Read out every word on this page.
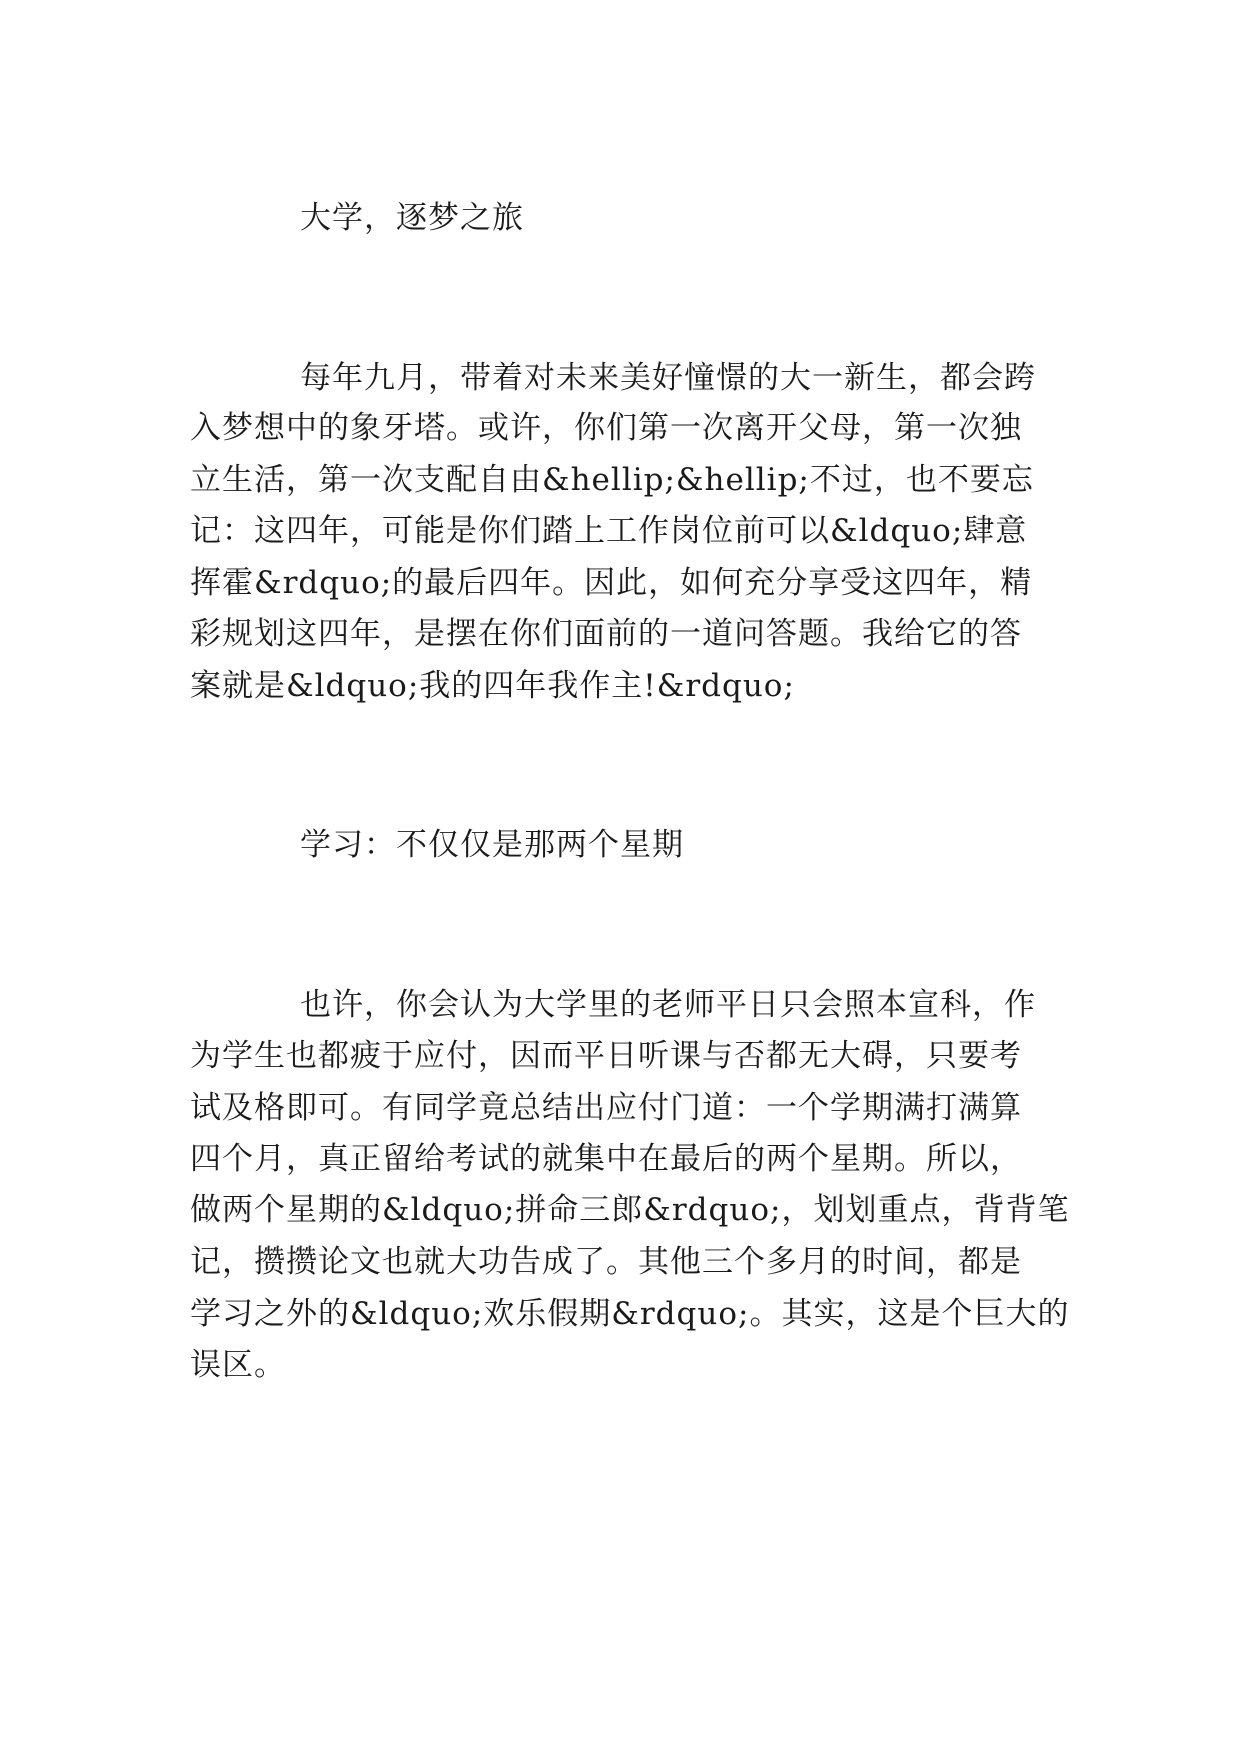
大学，逐梦之旅

每年九月，带着对未来美好憧憬的大一新生，都会跨

入梦想中的象牙塔。或许，你们第一次离开父母，第一次独

立生活，第一次支配自由&hellip;&hellip;不过，也不要忘

记：这四年，可能是你们踏上工作岗位前可以&ldquo;肆意

挥霍&rdquo;的最后四年。因此，如何充分享受这四年，精

彩规划这四年，是摆在你们面前的一道问答题。我给它的答

案就是&ldquo;我的四年我作主!&rdquo;

学习：不仅仅是那两个星期

也许，你会认为大学里的老师平日只会照本宣科，作

为学生也都疲于应付，因而平日听课与否都无大碍，只要考

试及格即可。有同学竟总结出应付门道：一个学期满打满算

四个月，真正留给考试的就集中在最后的两个星期。所以，

做两个星期的&ldquo;拼命三郎&rdquo;，划划重点，背背笔

记，攒攒论文也就大功告成了。其他三个多月的时间，都是

学习之外的&ldquo;欢乐假期&rdquo;。其实，这是个巨大的

误区。
